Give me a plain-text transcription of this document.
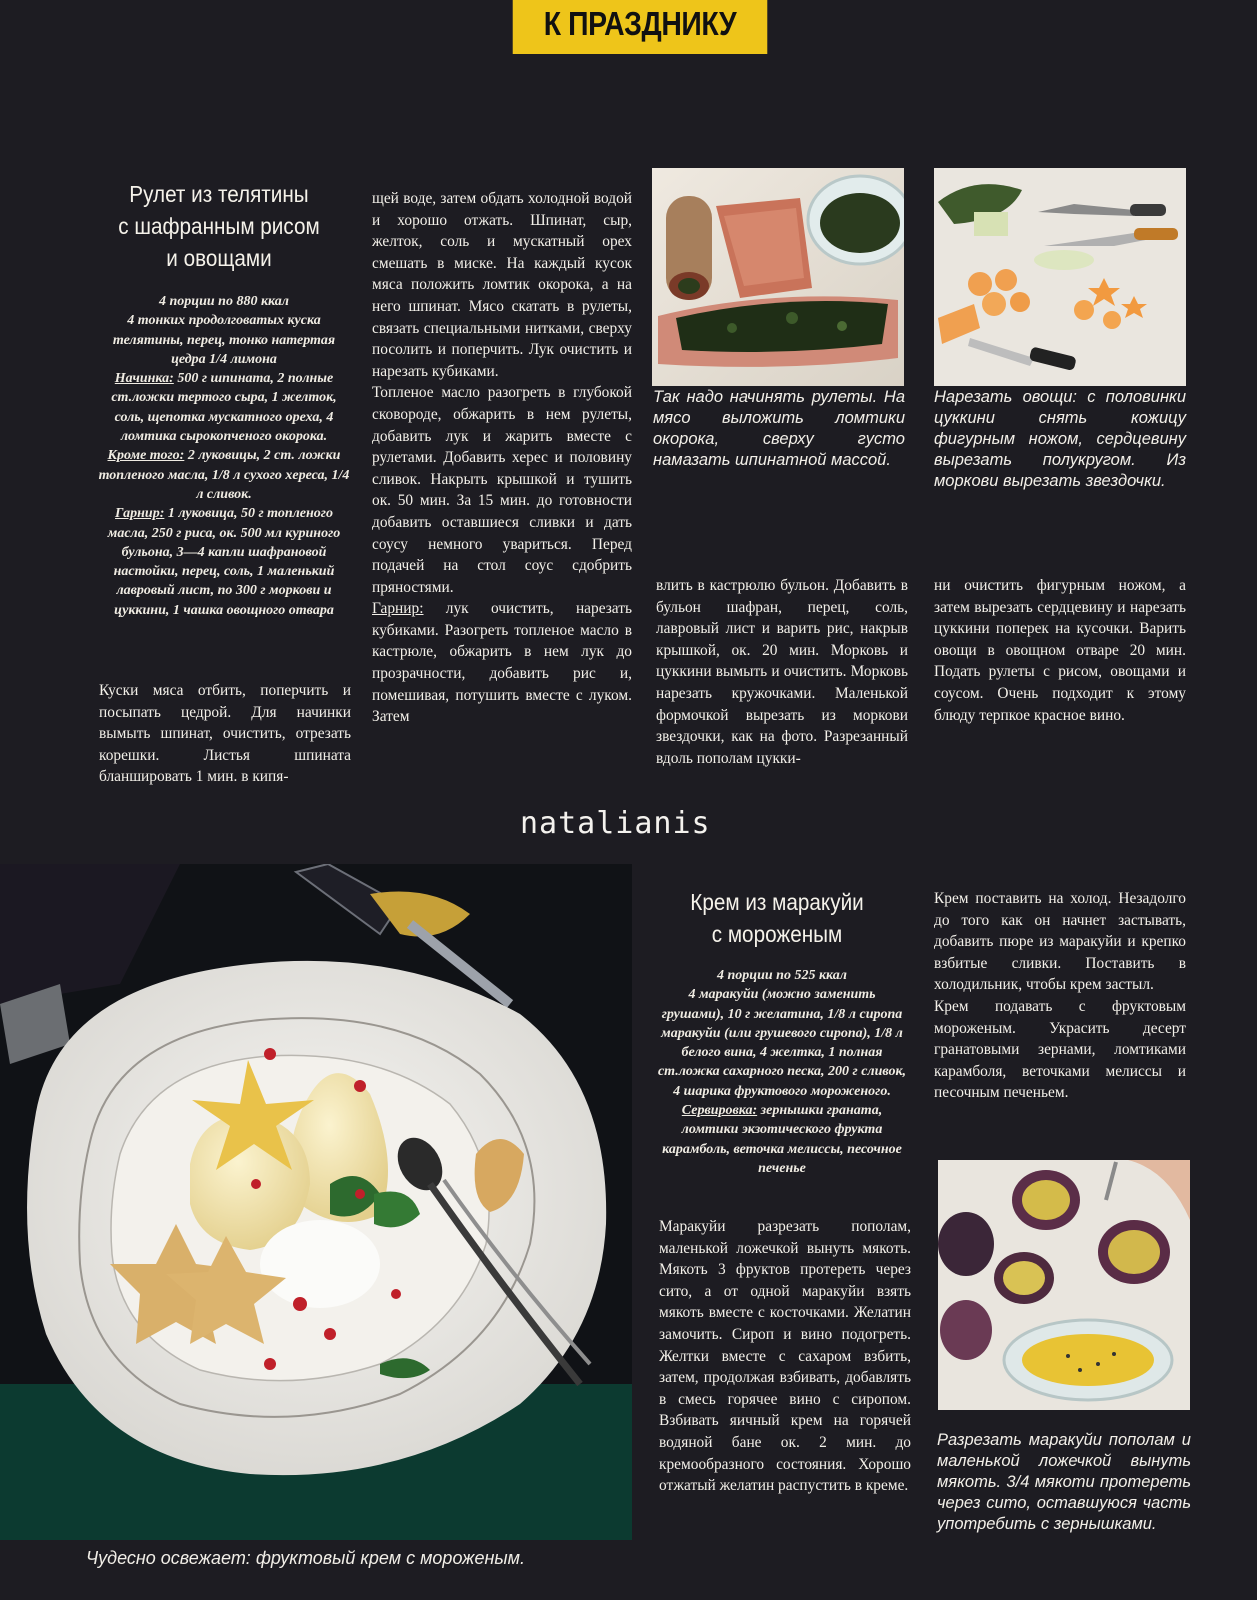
К ПРАЗДНИКУ
Рулет из телятины
с шафранным рисом
и овощами
4 порции по 880 ккал
4 тонких продолговатых куска телятины, перец, тонко натертая цедра 1/4 лимона
Начинка: 500 г шпината, 2 полные ст.ложки тертого сыра, 1 желток, соль, щепотка мускатного ореха, 4 ломтика сырокопченого окорока.
Кроме того: 2 луковицы, 2 ст. ложки топленого масла, 1/8 л сухого хереса, 1/4 л сливок.
Гарнир: 1 луковица, 50 г топленого масла, 250 г риса, ок. 500 мл куриного бульона, 3—4 капли шафрановой настойки, перец, соль, 1 маленький лавровый лист, по 300 г моркови и цуккини, 1 чашка овощного отвара

Куски мяса отбить, поперчить и посыпать цедрой. Для начинки вымыть шпинат, очистить, отрезать корешки. Листья шпината бланшировать 1 мин. в кипя-

щей воде, затем обдать холодной водой и хорошо отжать. Шпинат, сыр, желток, соль и мускатный орех смешать в миске. На каждый кусок мяса положить ломтик окорока, а на него шпинат. Мясо скатать в рулеты, связать специальными нитками, сверху посолить и поперчить. Лук очистить и нарезать кубиками.

Топленое масло разогреть в глубокой сковороде, обжарить в нем рулеты, добавить лук и жарить вместе с рулетами. Добавить херес и половину сливок. Накрыть крышкой и тушить ок. 50 мин. За 15 мин. до готовности добавить оставшиеся сливки и дать соусу немного увариться. Перед подачей на стол соус сдобрить пряностями.

Гарнир: лук очистить, нарезать кубиками. Разогреть топленое масло в кастрюле, обжарить в нем лук до прозрачности, добавить рис и, помешивая, потушить вместе с луком. Затем

Так надо начинять рулеты. На мясо выложить ломтики окорока, сверху густо намазать шпинатной массой.
Нарезать овощи: с половинки цуккини снять кожицу фигурным ножом, сердцевину вырезать полукругом. Из моркови вырезать звездочки.

влить в кастрюлю бульон. Добавить в бульон шафран, перец, соль, лавровый лист и варить рис, накрыв крышкой, ок. 20 мин. Морковь и цуккини вымыть и очистить. Морковь нарезать кружочками. Маленькой формочкой вырезать из моркови звездочки, как на фото. Разрезанный вдоль пополам цукки-

ни очистить фигурным ножом, а затем вырезать сердцевину и нарезать цуккини поперек на кусочки. Варить овощи в овощном отваре 20 мин. Подать рулеты с рисом, овощами и соусом. Очень подходит к этому блюду терпкое красное вино.

natalianis
Чудесно освежает: фруктовый крем с мороженым.
Крем из маракуйи
с мороженым
4 порции по 525 ккал
4 маракуйи (можно заменить грушами), 10 г желатина, 1/8 л сиропа маракуйи (или грушевого сиропа), 1/8 л белого вина, 4 желтка, 1 полная ст.ложка сахарного песка, 200 г сливок, 4 шарика фруктового мороженого.
Сервировка: зернышки граната, ломтики экзотического фрукта карамболь, веточка мелиссы, песочное печенье

Маракуйи разрезать пополам, маленькой ложечкой вынуть мякоть. Мякоть 3 фруктов протереть через сито, а от одной маракуйи взять мякоть вместе с косточками. Желатин замочить. Сироп и вино подогреть. Желтки вместе с сахаром взбить, затем, продолжая взбивать, добавлять в смесь горячее вино с сиропом. Взбивать яичный крем на горячей водяной бане ок. 2 мин. до кремообразного состояния. Хорошо отжатый желатин распустить в креме.

Крем поставить на холод. Незадолго до того как он начнет застывать, добавить пюре из маракуйи и крепко взбитые сливки. Поставить в холодильник, чтобы крем застыл.

Крем подавать с фруктовым мороженым. Украсить десерт гранатовыми зернами, ломтиками карамболя, веточками мелиссы и песочным печеньем.

Разрезать маракуйи пополам и маленькой ложечкой вынуть мякоть. 3/4 мякоти протереть через сито, оставшуюся часть употребить с зернышками.
